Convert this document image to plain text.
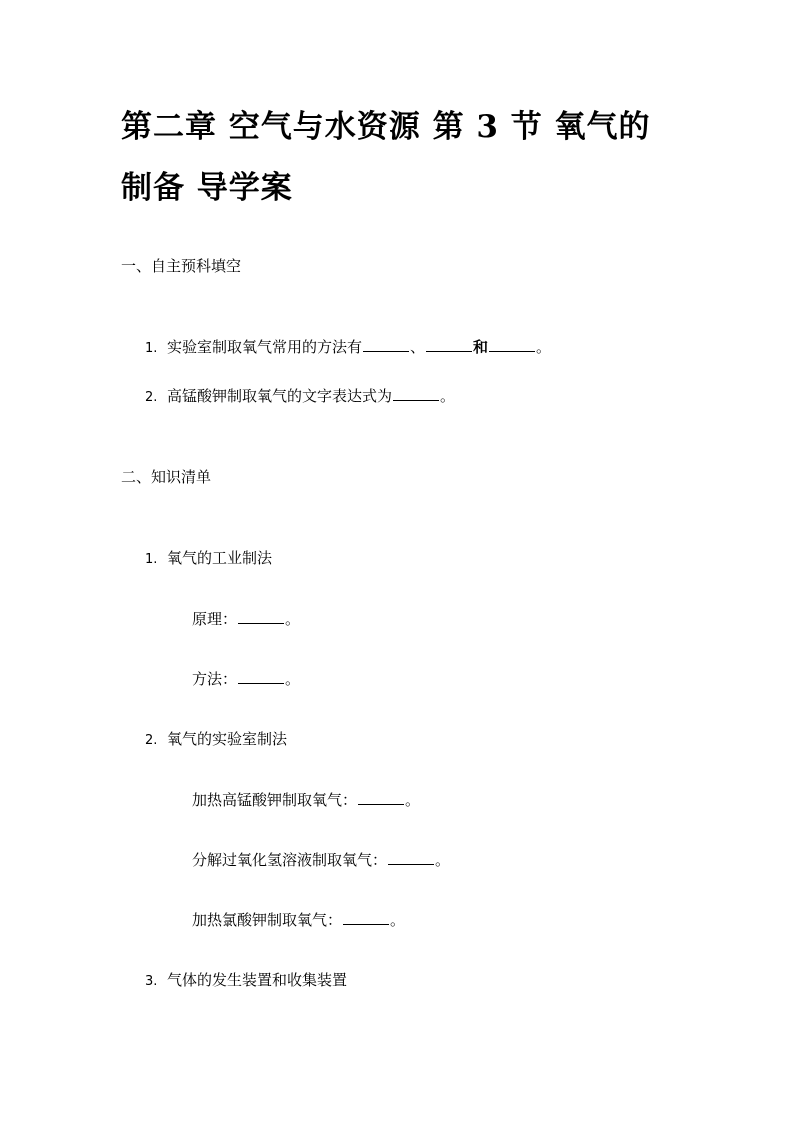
第二章 空气与水资源 第 3 节 氧气的
制备 导学案
一、自主预科填空
1. 实验室制取氧气常用的方法有	、	和	。
2. 高锰酸钾制取氧气的文字表达式为	。
二、知识清单
1. 氧气的工业制法
原理：	。
方法：	。
2. 氧气的实验室制法
加热高锰酸钾制取氧气：	。
分解过氧化氢溶液制取氧气：	。
加热氯酸钾制取氧气：	。
3. 气体的发生装置和收集装置
